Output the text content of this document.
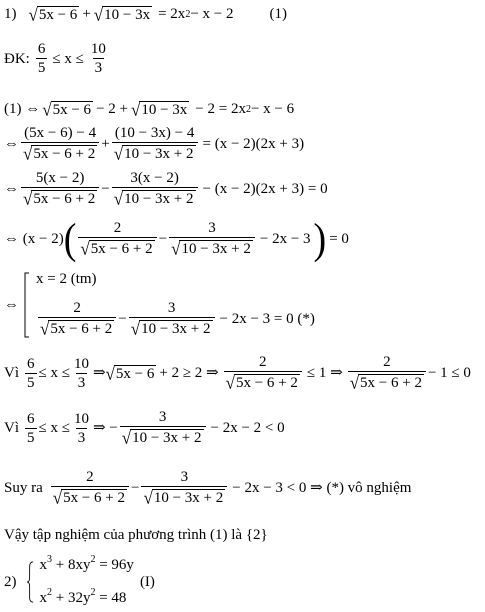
1) √ 5x − 6 + √ 10 − 3x = 2x 2 − x − 2 (1)
ĐK: $\frac{6}{5} \le x \le \frac{10}{3}$
(1) ⇔ √ 5x − 6 − 2 + √ 10 − 3x − 2 = 2x 2 − x − 6
⇔ $\frac{(5x - 6) - 4}{√ 5x - 6 + 2} + \frac{(10 - 3x) - 4}{√ 10 - 3x + 2} = (x - 2)(2x + 3)$
⇔ $\frac{5(x - 2)}{√ 5x - 6 + 2} - \frac{3(x - 2)}{√ 10 - 3x + 2} - (x - 2)(2x + 3) = 0$
⇔ (x − 2) ( $\frac{2}{√ 5x - 6 + 2} - \frac{3}{√ 10 - 3x + 2} - 2x - 3$ ) = 0
⇔
x = 2 (tm)
$\frac{2}{√ 5x - 6 + 2} - \frac{3}{√ 10 - 3x + 2} - 2x - 3 = 0$ (*)
Vì $\frac{6}{5} \le x \le \frac{10}{3}$ ⇒ √ 5x − 6 + 2 ≥ 2 ⇒ $\frac{2}{√ 5x - 6 + 2} \le 1$ ⇒ $\frac{2}{√ 5x - 6 + 2} - 1 \le 0$
Vì $\frac{6}{5} \le x \le \frac{10}{3}$ ⇒ − $\frac{3}{√ 10 - 3x + 2} - 2x - 2 < 0$
Suy ra $\frac{2}{√ 5x - 6 + 2} - \frac{3}{√ 10 - 3x + 2} - 2x - 3 < 0$ ⇒ (*) vô nghiệm
Vậy tập nghiệm của phương trình (1) là {2}
2)
$x^3 + 8xy^2 = 96y$
$x^2 + 32y^2 = 48$
(I)
